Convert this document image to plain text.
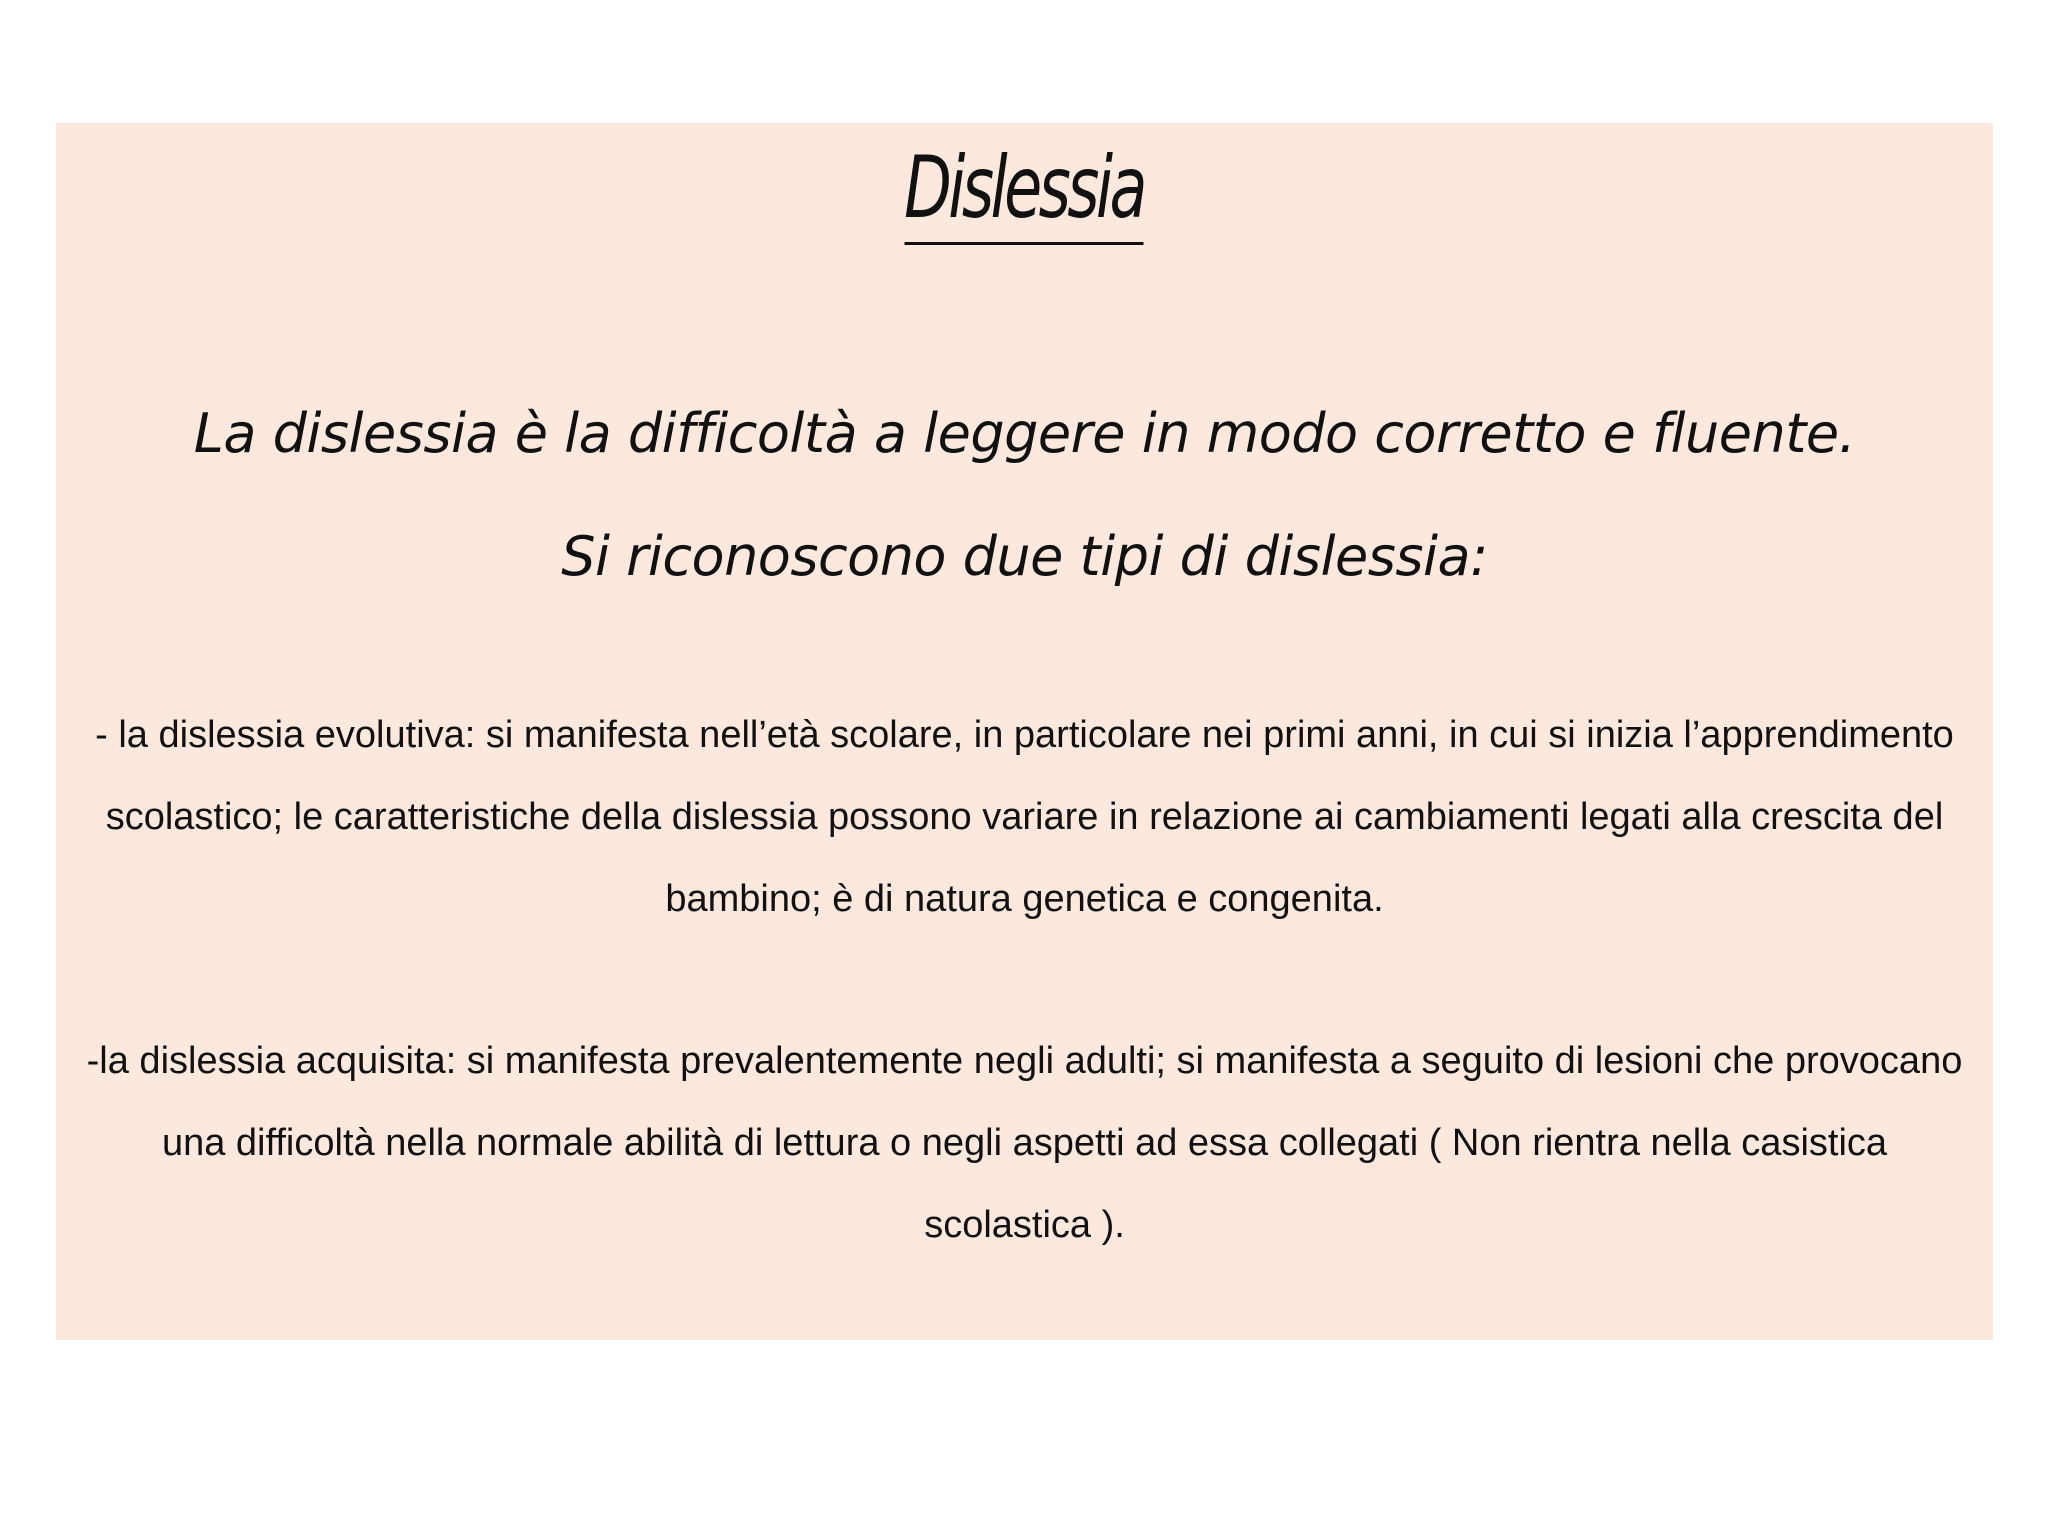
Dislessia
La dislessia è la difficoltà a leggere in modo corretto e fluente.
Si riconoscono due tipi di dislessia:

- la dislessia evolutiva: si manifesta nell’età scolare, in particolare nei primi anni, in cui si inizia l’apprendimento scolastico; le caratteristiche della dislessia possono variare in relazione ai cambiamenti legati alla crescita del bambino; è di natura genetica e congenita.

-la dislessia acquisita: si manifesta prevalentemente negli adulti; si manifesta a seguito di lesioni che provocano una difficoltà nella normale abilità di lettura o negli aspetti ad essa collegati ( Non rientra nella casistica scolastica ).
